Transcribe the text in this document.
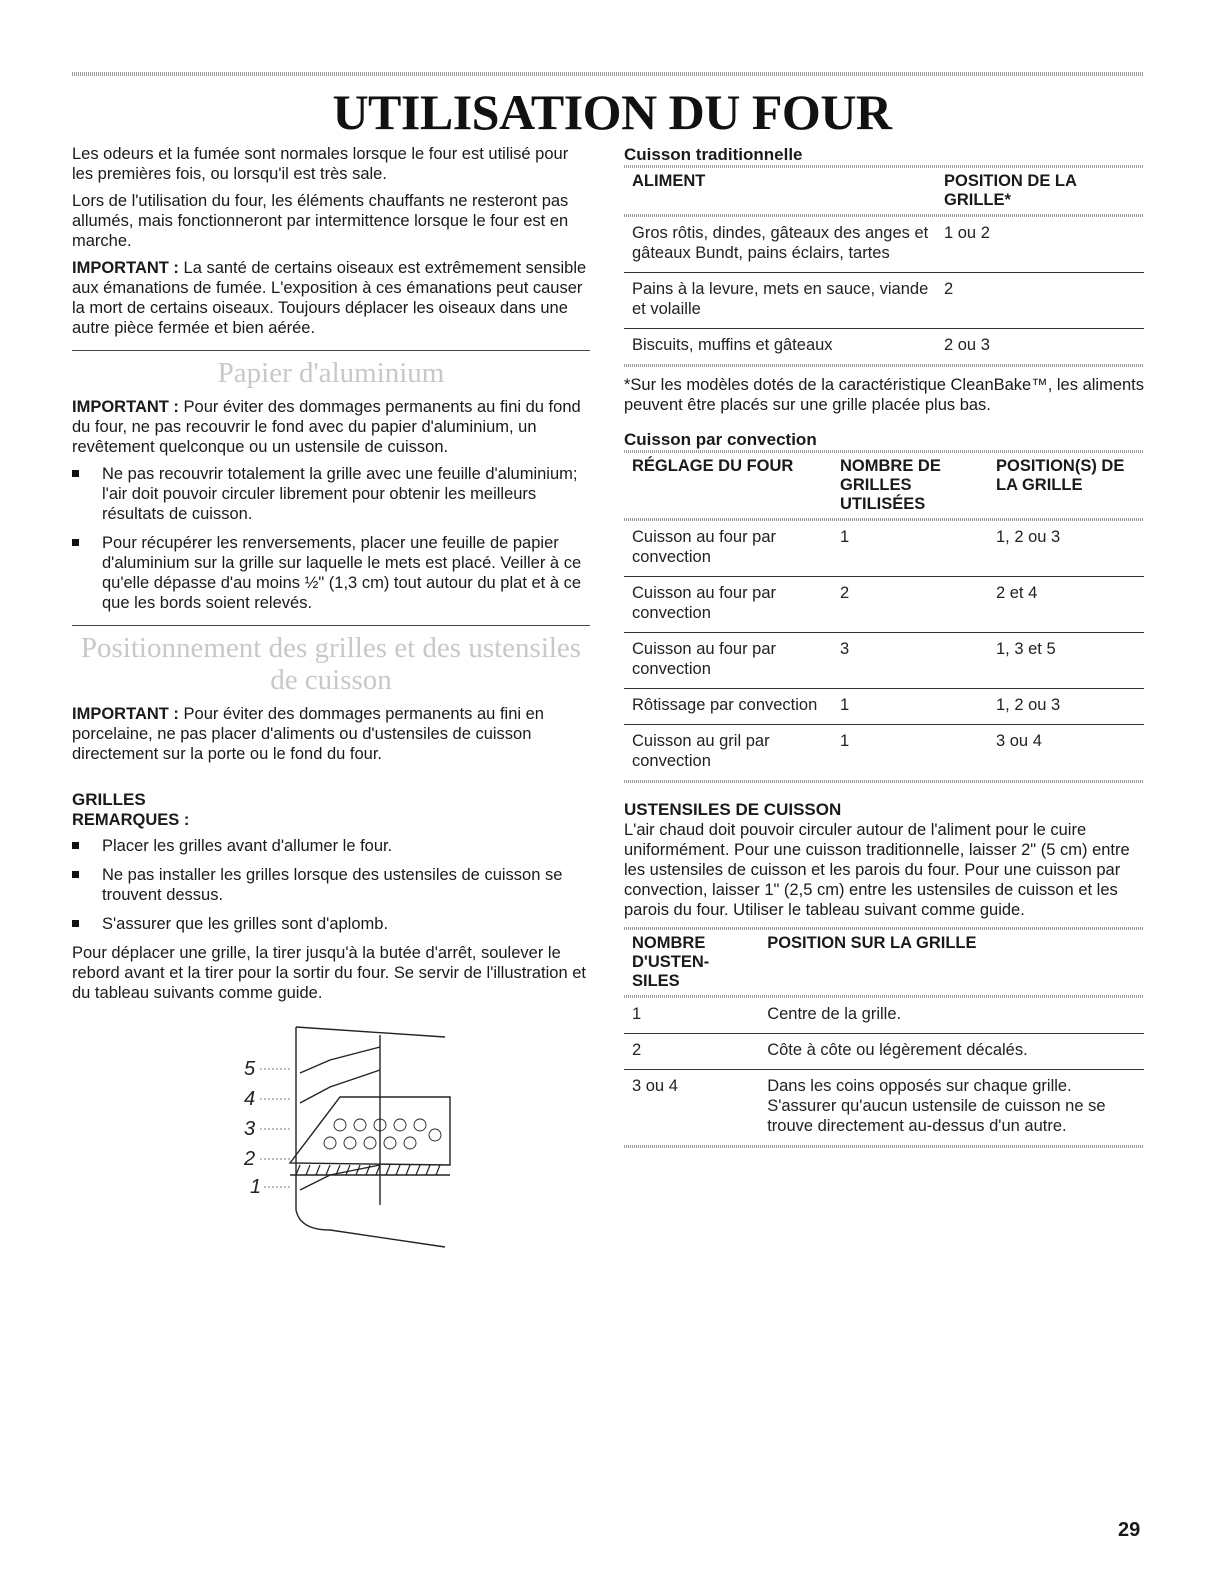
UTILISATION DU FOUR

Les odeurs et la fumée sont normales lorsque le four est utilisé pour les premières fois, ou lorsqu'il est très sale.

Lors de l'utilisation du four, les éléments chauffants ne resteront pas allumés, mais fonctionneront par intermittence lorsque le four est en marche.

IMPORTANT : La santé de certains oiseaux est extrêmement sensible aux émanations de fumée. L'exposition à ces émanations peut causer la mort de certains oiseaux. Toujours déplacer les oiseaux dans une autre pièce fermée et bien aérée.

Papier d'aluminium

IMPORTANT : Pour éviter des dommages permanents au fini du fond du four, ne pas recouvrir le fond avec du papier d'aluminium, un revêtement quelconque ou un ustensile de cuisson.

Ne pas recouvrir totalement la grille avec une feuille d'aluminium; l'air doit pouvoir circuler librement pour obtenir les meilleurs résultats de cuisson.
Pour récupérer les renversements, placer une feuille de papier d'aluminium sur la grille sur laquelle le mets est placé. Veiller à ce qu'elle dépasse d'au moins ½" (1,3 cm) tout autour du plat et à ce que les bords soient relevés.
Positionnement des grilles et des ustensiles
de cuisson

IMPORTANT : Pour éviter des dommages permanents au fini en porcelaine, ne pas placer d'aliments ou d'ustensiles de cuisson directement sur la porte ou le fond du four.

GRILLES
REMARQUES :
Placer les grilles avant d'allumer le four.
Ne pas installer les grilles lorsque des ustensiles de cuisson se trouvent dessus.
S'assurer que les grilles sont d'aplomb.

Pour déplacer une grille, la tirer jusqu'à la butée d'arrêt, soulever le rebord avant et la tirer pour la sortir du four. Se servir de l'illustration et du tableau suivants comme guide.

5
4
3
2
1
Cuisson traditionnelle
ALIMENT	POSITION DE LA GRILLE*

Gros rôtis, dindes, gâteaux des anges et gâteaux Bundt, pains éclairs, tartes	1 ou 2
Pains à la levure, mets en sauce, viande et volaille	2
Biscuits, muffins et gâteaux	2 ou 3
*Sur les modèles dotés de la caractéristique CleanBake™, les aliments peuvent être placés sur une grille placée plus bas.
Cuisson par convection
RÉGLAGE DU FOUR	NOMBRE DE GRILLES UTILISÉES	POSITION(S) DE LA GRILLE

Cuisson au four par convection	1	1, 2 ou 3
Cuisson au four par convection	2	2 et 4
Cuisson au four par convection	3	1, 3 et 5
Rôtissage par convection	1	1, 2 ou 3
Cuisson au gril par convection	1	3 ou 4
USTENSILES DE CUISSON

L'air chaud doit pouvoir circuler autour de l'aliment pour le cuire uniformément. Pour une cuisson traditionnelle, laisser 2" (5 cm) entre les ustensiles de cuisson et les parois du four. Pour une cuisson par convection, laisser 1" (2,5 cm) entre les ustensiles de cuisson et les parois du four. Utiliser le tableau suivant comme guide.

NOMBRE D'USTEN- SILES	POSITION SUR LA GRILLE

1	Centre de la grille.
2	Côte à côte ou légèrement décalés.
3 ou 4	Dans les coins opposés sur chaque grille. S'assurer qu'aucun ustensile de cuisson ne se trouve directement au-dessus d'un autre.
29
